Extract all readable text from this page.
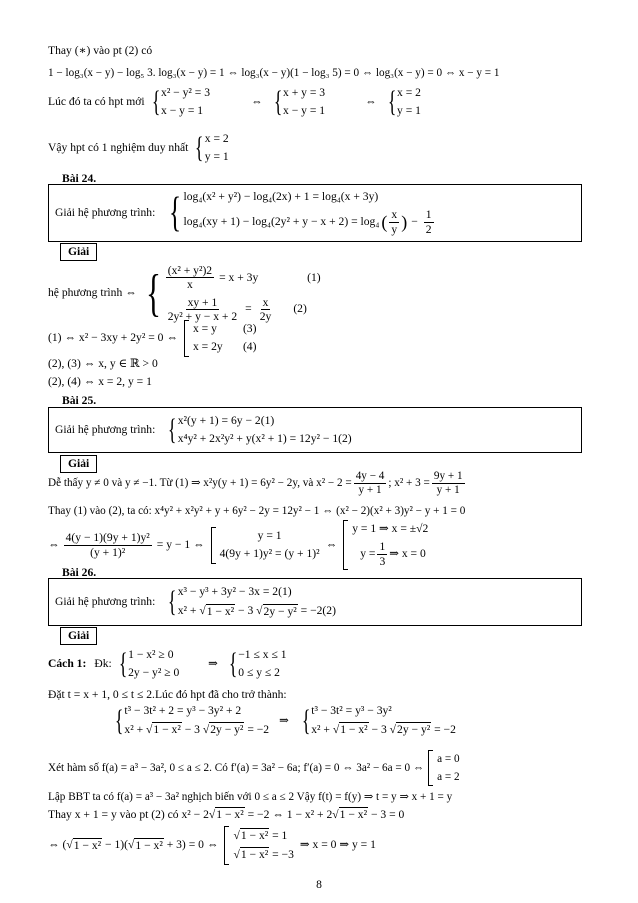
Thay (∗) vào pt (2) có
1 − log₃(x − y) − log₅ 3. log₃(x − y) = 1 ⇔ log₃(x − y)(1 − log₃ 5) = 0 ⇔ log₃(x − y) = 0 ⇔ x − y = 1
Lúc đó ta có hpt mới { x² − y² = 3
x − y = 1
⇔ { x + y = 3
x − y = 1
⇔ { x = 2
y = 1
Vậy hpt có 1 nghiệm duy nhất { x = 2
y = 1
Bài 24.
Giải hệ phương trình: { log₄(x² + y²) − log₄(2x) + 1 = log₄(x + 3y)
log₄(xy + 1) − log₄(2y² + y − x + 2) = log₄ ( $\frac{x}{y}$ ) − $\frac{1}{2}$
Giải
hệ phương trình ⇔ { $\frac{\text{(x² + y²)2}}{x} = x + 3y$	(1)
$\frac{xy + 1}{\text{2y² + y − x + 2}} = \frac{x}{2y} (2)$
(1) ⇔ x² − 3xy + 2y² = 0 ⇔
x = y	(3)
x = 2y	(4)
(2), (3) ⇔ x, y ∈ ℝ > 0
(2), (4) ⇔ x = 2, y = 1
Bài 25.
Giải hệ phương trình: { x²(y + 1) = 6y − 2(1)
x⁴y² + 2x²y² + y(x² + 1) = 12y² − 1(2)
Giải
Dễ thấy y ≠ 0 và y ≠ −1. Từ (1) ⇒ x²y(y + 1) = 6y² − 2y, và $x^2 - 2 = \frac{4y - 4}{y + 1}$ ; $x^2 + 3 = \frac{9y + 1}{y + 1}$
Thay (1) vào (2), ta có: x⁴y² + x²y² + y + 6y² − 2y = 12y² − 1 ⇔ (x² − 2)(x² + 3)y² − y + 1 = 0
⇔ $\frac{\text{4(y − 1)(9y + 1)y²}}{\text{(y + 1)²}} = y - 1$ ⇔
y = 1
4(9y + 1)y² = (y + 1)²
⇔
y = 1 ⇒ x = ±√2
$y = \frac{1}{3}$ ⇒ x = 0
Bài 26.
Giải hệ phương trình: { x³ − y³ + 3y² − 3x = 2(1)
x² + √ 1 − x²
− 3 √ 2y − y²
= −2(2)
Giải
Cách 1: Đk: { 1 − x² ≥ 0
2y − y² ≥ 0
⇒ { −1 ≤ x ≤ 1
0 ≤ y ≤ 2
Đặt t = x + 1, 0 ≤ t ≤ 2.Lúc đó hpt đã cho trở thành:
{ t³ − 3t² + 2 = y³ − 3y² + 2
x² + √ 1 − x²
− 3 √ 2y − y²
= −2
⇒ { t³ − 3t² = y³ − 3y²
x² + √ 1 − x²
− 3 √ 2y − y²
= −2
Xét hàm số f(a) = a³ − 3a², 0 ≤ a ≤ 2. Có f′(a) = 3a² − 6a; f′(a) = 0 ⇔ 3a² − 6a = 0 ⇔
a = 0
a = 2
Lập BBT ta có f(a) = a³ − 3a² nghịch biến với 0 ≤ a ≤ 2 Vậy f(t) = f(y) ⇒ t = y ⇒ x + 1 = y
Thay x + 1 = y vào pt (2) có x² − 2 √ 1 − x²
= −2 ⇔ 1 − x² + 2 √ 1 − x²
− 3 = 0
⇔ ( √ 1 − x²
− 1)( √ 1 − x²
+ 3) = 0 ⇔
√ 1 − x²
= 1
√ 1 − x²
= −3
⇒ x = 0 ⇒ y = 1
8
